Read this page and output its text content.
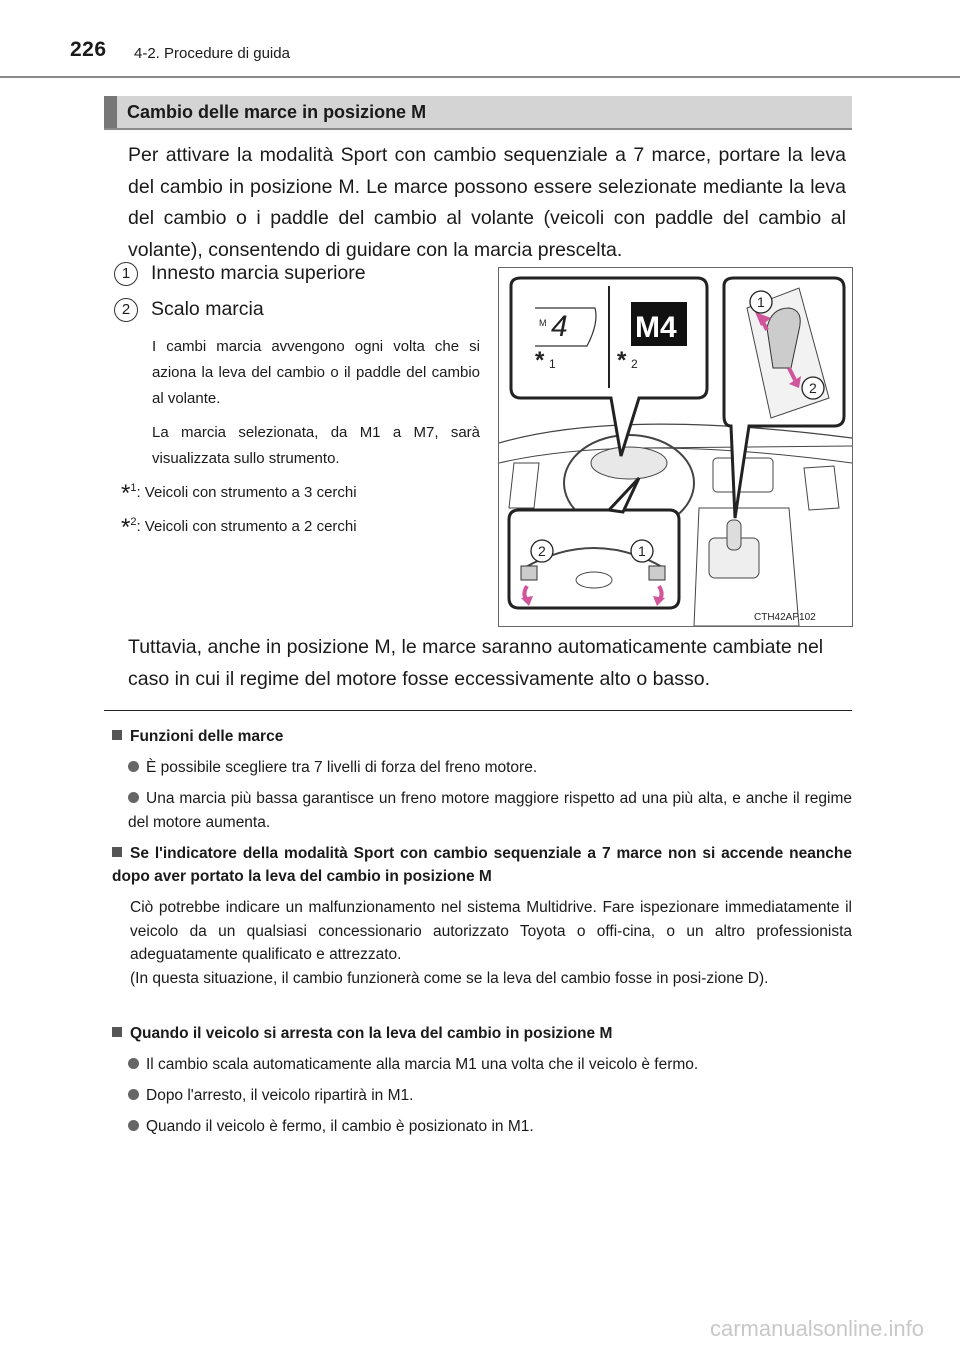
226 4-2. Procedure di guida
Cambio delle marce in posizione M
Per attivare la modalità Sport con cambio sequenziale a 7 marce, portare la leva del cambio in posizione M. Le marce possono essere selezionate mediante la leva del cambio o i paddle del cambio al volante (veicoli con paddle del cambio al volante), consentendo di guidare con la marcia prescelta.
1 Innesto marcia superiore
2 Scalo marcia
I cambi marcia avvengono ogni volta che si aziona la leva del cambio o il paddle del cambio al volante.
La marcia selezionata, da M1 a M7, sarà visualizzata sullo strumento.
*$^1$: Veicoli con strumento a 3 cerchi
*$^2$: Veicoli con strumento a 2 cerchi
M 4 M4
* 1	* 2
1
2
2	1
CTH42AP102
Tuttavia, anche in posizione M, le marce saranno automaticamente cambiate nel caso in cui il regime del motore fosse eccessivamente alto o basso.
Funzioni delle marce
È possibile scegliere tra 7 livelli di forza del freno motore.
Una marcia più bassa garantisce un freno motore maggiore rispetto ad una più alta, e anche il regime del motore aumenta.
Se l'indicatore della modalità Sport con cambio sequenziale a 7 marce non si accende neanche dopo aver portato la leva del cambio in posizione M
Ciò potrebbe indicare un malfunzionamento nel sistema Multidrive. Fare ispezionare immediatamente il veicolo da un qualsiasi concessionario autorizzato Toyota o offi-cina, o un altro professionista adeguatamente qualificato e attrezzato.
(In questa situazione, il cambio funzionerà come se la leva del cambio fosse in posi-zione D).
Quando il veicolo si arresta con la leva del cambio in posizione M
Il cambio scala automaticamente alla marcia M1 una volta che il veicolo è fermo.
Dopo l'arresto, il veicolo ripartirà in M1.
Quando il veicolo è fermo, il cambio è posizionato in M1.
carmanualsonline.info
